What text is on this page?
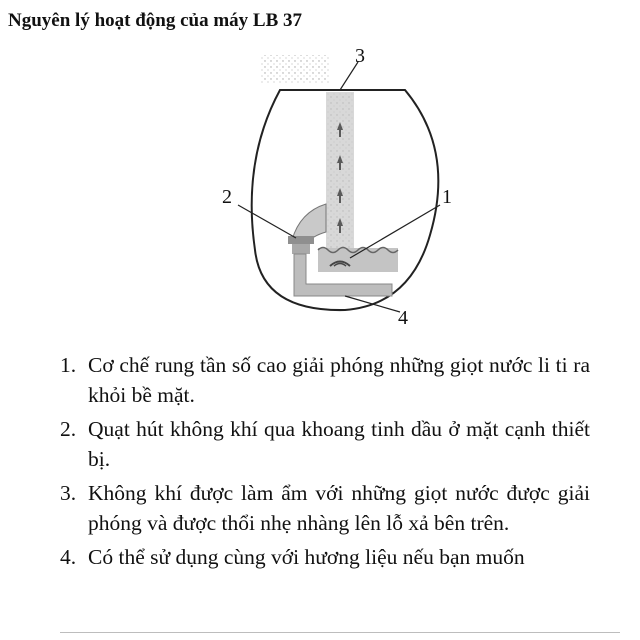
Nguyên lý hoạt động của máy LB 37
1
2
3
4
1. Cơ chế rung tần số cao giải phóng những giọt nước li ti ra khỏi bề mặt.
2. Quạt hút không khí qua khoang tinh dầu ở mặt cạnh thiết bị.
3. Không khí được làm ẩm với những giọt nước được giải phóng và được thổi nhẹ nhàng lên lỗ xả bên trên.
4. Có thể sử dụng cùng với hương liệu nếu bạn muốn
